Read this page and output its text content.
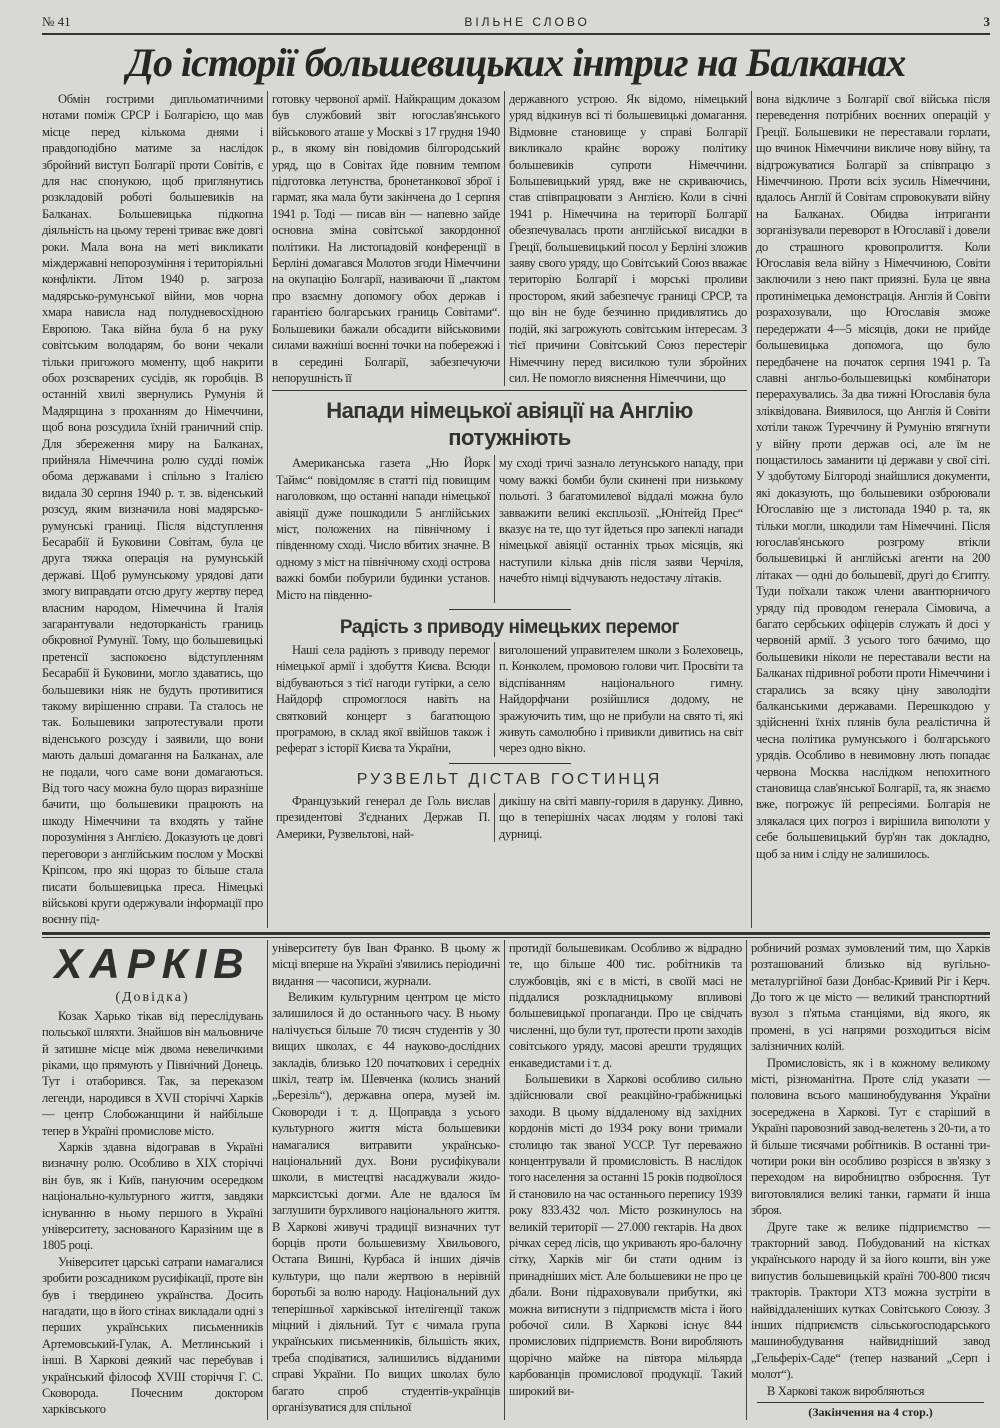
№ 41	ВІЛЬНЕ СЛОВО	3
До історії большевицьких інтриг на Балканах

Обмін гострими дипльоматичними нотами поміж СРСР і Болгарією, що мав місце перед кількома днями і правдоподібно матиме за наслідок збройний виступ Болгарії проти Совітів, є для нас спонукою, щоб приглянутись розкладовій роботі большевиків на Балканах. Большевицька підкопна діяльність на цьому терені триває вже довгі роки. Мала вона на меті викликати міждержавні непорозуміння і територіяльні конфлікти. Літом 1940 р. загроза мадярсько-румунської війни, мов чорна хмара нависла над полудневосхідною Европою. Така війна була б на руку совітським володарям, бо вони чекали тільки пригожого моменту, щоб накрити обох розсварених сусідів, як горобців. В останній хвилі звернулись Румунія й Мадярщина з проханням до Німеччини, щоб вона розсудила їхній граничний спір. Для збереження миру на Балканах, прийняла Німеччина ролю судді поміж обома державами і спільно з Італією видала 30 серпня 1940 р. т. зв. віденський розсуд, яким визначила нові мадярсько-румунські границі. Після відступлення Бесарабії й Буковини Совітам, була це друга тяжка операція на румунській державі. Щоб румунському урядові дати змогу виправдати отсю другу жертву перед власним народом, Німеччина й Італія загарантували недоторканість границь обкровної Румунії. Тому, що большевицькі претенсії заспокоєно відступленням Бесарабії й Буковини, могло здаватись, що большевики ніяк не будуть противитися такому вирішенню справи. Та сталось не так. Большевики запротестували проти віденського розсуду і заявили, що вони мають дальші домагання на Балканах, але не подали, чого саме вони домагаються. Від того часу можна було щораз виразніше бачити, що большевики працюють на шкоду Німеччини та входять у тайне порозуміння з Англією. Доказують це довгі переговори з англійським послом у Москві Кріпсом, про які щораз то більше стала писати большевицька преса. Німецькі військові круги одержували інформації про воєнну під-

готовку червоної армії. Найкращим доказом був службовий звіт югослав'янського військового аташе у Москві з 17 грудня 1940 р., в якому він повідомив білгородський уряд, що в Совітах йде повним темпом підготовка летунства, бронетанкової зброї і гармат, яка мала бути закінчена до 1 серпня 1941 р. Тоді — писав він — напевно зайде основна зміна совітської закордонної політики. На листопадовій конференції в Берліні домагався Молотов згоди Німеччини на окупацію Болгарії, називаючи її „пактом про взаємну допомогу обох держав і гарантією болгарських границь Совітами“. Большевики бажали обсадити військовими силами важніші воєнні точки на побережжі і в середині Болгарії, забезпечуючи непорушність її

державного устрою. Як відомо, німецький уряд відкинув всі ті большевицькі домагання. Відмовне становище у справі Болгарії викликало крайнє ворожу політику большевиків супроти Німеччини. Большевицький уряд, вже не скриваючись, став співпрацювати з Англією. Коли в січні 1941 р. Німеччина на території Болгарії обезпечувалась проти англійської висадки в Греції, большевицький посол у Берліні зложив заяву свого уряду, що Совітський Союз вважає територію Болгарії і морські проливи простором, який забезпечує границі СРСР, та що він не буде безчинно придивлятись до подій, які загрожують совітським інтересам. З тієї причини Совітський Союз перестеріг Німеччину перед висилкою тули збройних сил. Не помогло вияснення Німеччини, що

Напади німецької авіяції на Англію потужніють

Американська газета „Ню Йорк Таймс“ повідомляє в статті під повищим наголовком, що останні напади німецької авіяції дуже пошкодили 5 англійських міст, положених на північному і південному сході. Число вбитих значне. В одному з міст на північному сході острова важкі бомби побурили будинки установ. Місто на південно-

му сході тричі зазнало летунського нападу, при чому важкі бомби були скинені при низькому польоті. З багатомилевої віддалі можна було завважити великі експльозії. „Юнітейд Прес“ вказує на те, що тут йдеться про запеклі напади німецької авіяції останніх трьох місяців, які наступили кілька днів після заяви Черчіля, начебто німці відчувають недостачу літаків.

Радість з приводу німецьких перемог

Наші села радіють з приводу перемог німецької армії і здобуття Києва. Всюди відбуваються з тієї нагоди гутірки, а село Найдорф спромоглося навіть на святковий концерт з багатющою програмою, в склад якої ввійшов також і реферат з історії Києва та України,

виголошений управителем школи з Болеховець, п. Конколем, промовою голови чит. Просвіти та відспіванням національного гимну. Найдорфчани розійшлися додому, не зражуючить тим, що не прибули на свято ті, які живуть самолюбно і привикли дивитись на світ через одно вікно.

РУЗВЕЛЬТ ДІСТАВ ГОСТИНЦЯ

Французький генерал де Голь вислав президентові З'єднаних Держав П. Америки, Рузвельтові, най-

дикішу на світі мавпу-гориля в дарунку. Дивно, що в теперішніх часах людям у голові такі дурниці.

вона відкличе з Болгарії свої війська після переведення потрібних воєнних операцій у Греції. Большевики не переставали горлати, що вчинок Німеччини викличе нову війну, та відгрожуватися Болгарії за співпрацю з Німеччиною. Проти всіх зусиль Німеччини, вдалось Англії й Совітам спровокувати війну на Балканах. Обидва інтриганти зорганізували переворот в Югославії і довели до страшного кровопролиття. Коли Югославія вела війну з Німеччиною, Совіти заключили з нею пакт приязні. Була це явна протинімецька демонстрація. Англія й Совіти розрахозували, що Югославія зможе передержати 4—5 місяців, доки не прийде большевицька допомога, що було передбачене на початок серпня 1941 р. Та славні англьо-большевицькі комбінатори перерахувались. За два тижні Югославія була зліквідована. Виявилося, що Англія й Совіти хотіли також Туреччину й Румунію втягнути у війну проти держав осі, але їм не пощастилось заманити ці держави у свої сіті. У здобутому Білгороді знайшлися документи, які доказують, що большевики озброювали Югославію ще з листопада 1940 р. та, як тільки могли, шкодили там Німеччині. Після югослав'янського розгрому втікли большевицькі й англійські агенти на 200 літаках — одні до большевії, другі до Єгипту. Туди поїхали також члени авантюрничого уряду під проводом генерала Сімовича, а багато сербських офіцерів служать й досі у червоній армії. З усього того бачимо, що большевики ніколи не переставали вести на Балканах підривної роботи проти Німеччини і старались за всяку ціну заволодіти балканськими державами. Перешкодою у здійсненні їхніх плянів була реалістична й чесна політика румунського і болгарського урядів. Особливо в невимовну лють попадає червона Москва наслідком непохитного становища слав'янської Болгарії, та, як знаємо вже, погрожує їй репресіями. Болгарія не злякалася цих погроз і вирішила виполоти у себе большевицький бур'ян так докладно, щоб за ним і сліду не залишилось.

ХАРКІВ
(Довідка)

Козак Харько тікав від переслідувань польської шляхти. Знайшов він мальовниче й затишне місце між двома невеличкими ріками, що прямують у Північний Донець. Тут і отаборився. Так, за переказом легенди, народився в XVII сторіччі Харків — центр Слобожанщини й найбільше тепер в Україні промислове місто.

Харків здавна відогравав в Україні визначну ролю. Особливо в XIX сторіччі він був, як і Київ, пануючим осередком національно-культурного життя, завдяки існуванню в ньому першого в Україні університету, заснованого Каразіним ще в 1805 році.

Університет царські сатрапи намагалися зробити розсадником русифікації, проте він був і твердинею українства. Досить нагадати, що в його стінах викладали одні з перших українських письменників Артемовський-Гулак, А. Метлинський і інші. В Харкові деякий час перебував і український філософ XVIII сторіччя Г. С. Сковорода. Почесним доктором харківського

університету був Іван Франко. В цьому ж місці вперше на Україні з'явились періодичні видання — часописи, журнали.

Великим культурним центром це місто залишилося й до останнього часу. В ньому налічується більше 70 тисяч студентів у 30 вищих школах, є 44 науково-дослідних закладів, близько 120 початкових і середніх шкіл, театр ім. Шевченка (колись знаний „Березіль“), державна опера, музей ім. Сковороди і т. д. Щоправда з усього культурного життя міста большевики намагалися витравити українсько-національний дух. Вони русифікували школи, в мистецтві насаджували жидо-марксистські догми. Але не вдалося їм заглушити бурхливого національного життя. В Харкові живучі традиції визначних тут борців проти большевизму Хвильового, Остапа Вишні, Курбаса й інших діячів культури, що пали жертвою в нерівній боротьбі за волю народу. Національний дух теперішньої харківської інтелігенції також міцний і діяльний. Тут є чимала група українських письменників, більшість яких, треба сподіватися, залишились відданими справі України. По вищих школах було багато спроб студентів-українців організуватися для спільної

протидії большевикам. Особливо ж відрадно те, що більше 400 тис. робітників та службовців, які є в місті, в своїй масі не піддалися розкладницькому впливові большевицької пропаганди. Про це свідчать численні, що були тут, протести проти заходів совітського уряду, масові арешти трудящих енкаведистами і т. д.

Большевики в Харкові особливо сильно здійснювали свої реакційно-грабіжницькі заходи. В цьому віддаленому від західних кордонів місті до 1934 року вони тримали столицю так званої УССР. Тут переважно концентрували й промисловість. В наслідок того населення за останні 15 років подвоїлося й становило на час останнього перепису 1939 року 833.432 чол. Місто розкинулось на великій території — 27.000 гектарів. На двох річках серед лісів, що укривають яро-балочну сітку, Харків міг би стати одним із принадніших міст. Але большевики не про це дбали. Вони підраховували прибутки, які можна витиснути з підприємств міста і його робочої сили. В Харкові існує 844 промислових підприємств. Вони виробляють щорічно майже на півтора мільярда карбованців промислової продукції. Такий широкий ви-

робничий розмах зумовлений тим, що Харків розташований близько від вугільно-металургійної бази Донбас-Кривий Ріг і Керч. До того ж це місто — великий транспортний вузол з п'ятьма станціями, від якого, як промені, в усі напрями розходиться вісім залізничних колій.

Промисловість, як і в кожному великому місті, різноманітна. Проте слід указати — половина всього машинобудування України зосереджена в Харкові. Тут є старіший в Україні паровозний завод-велетень з 20-ти, а то й більше тисячами робітників. В останні три-чотири роки він особливо розрісся в зв'язку з переходом на виробництво озброєння. Тут виготовлялися великі танки, гармати й інша зброя.

Друге таке ж велике підприємство — тракторний завод. Побудований на кістках українського народу й за його кошти, він уже випустив большевицькій країні 700-800 тисяч тракторів. Трактори ХТЗ можна зустріти в найвіддаленіших кутках Совітського Союзу. З інших підприємств сільськогосподарського машинобудування найвидніший завод „Гельферіх-Саде“ (тепер названий „Серп і молот“).

В Харкові також виробляються

(Закінчення на 4 стор.)
